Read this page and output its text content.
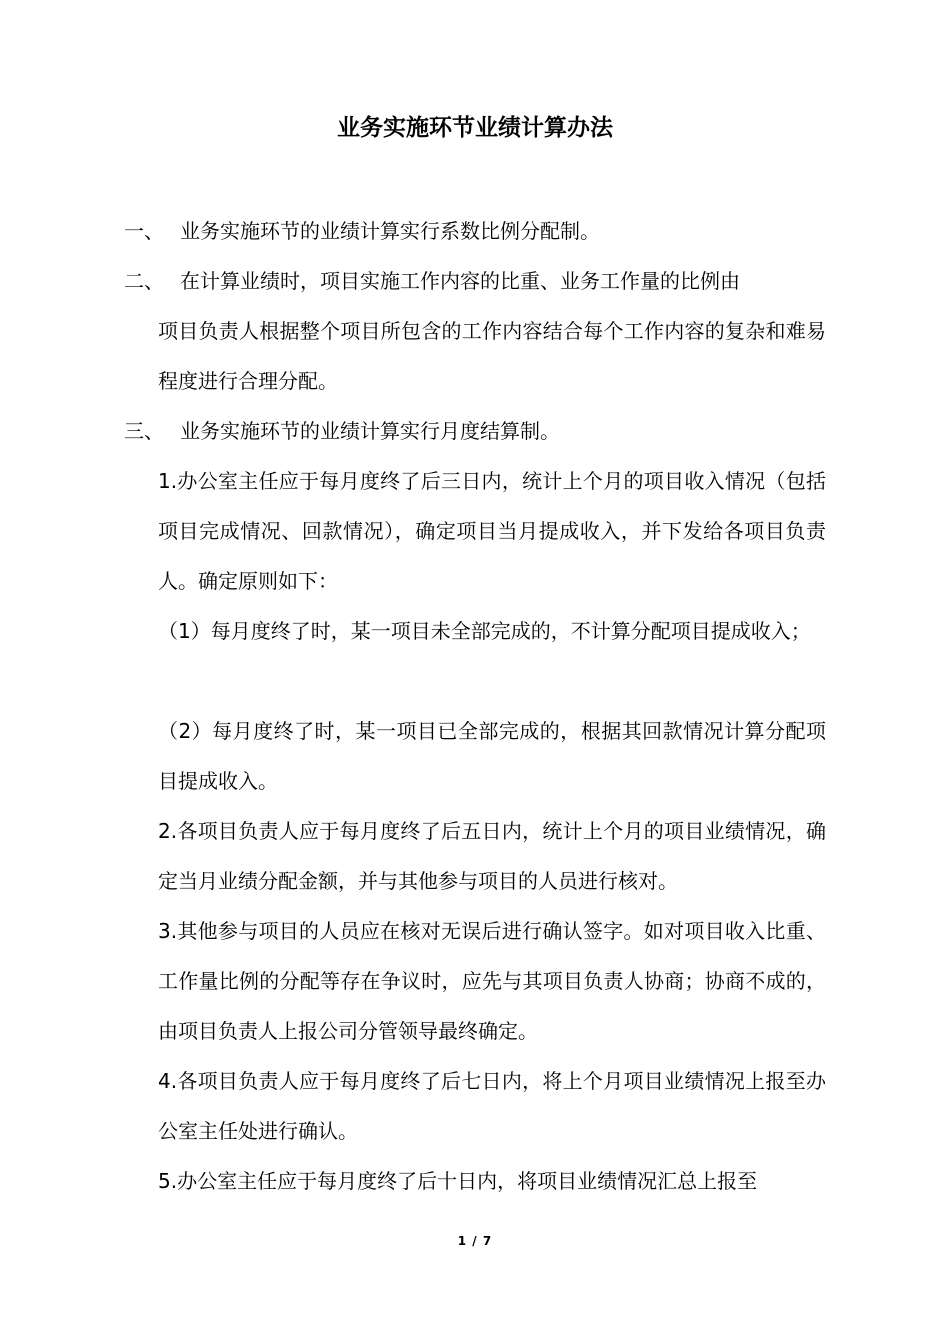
业务实施环节业绩计算办法
一、 业务实施环节的业绩计算实行系数比例分配制。
二、 在计算业绩时，项目实施工作内容的比重、业务工作量的比例由
项目负责人根据整个项目所包含的工作内容结合每个工作内容的复杂和难易程度进行合理分配。
三、 业务实施环节的业绩计算实行月度结算制。
1.办公室主任应于每月度终了后三日内，统计上个月的项目收入情况（包括项目完成情况、回款情况），确定项目当月提成收入，并下发给各项目负责人。确定原则如下：
（1）每月度终了时，某一项目未全部完成的，不计算分配项目提成收入；
（2）每月度终了时，某一项目已全部完成的，根据其回款情况计算分配项目提成收入。
2.各项目负责人应于每月度终了后五日内，统计上个月的项目业绩情况，确定当月业绩分配金额，并与其他参与项目的人员进行核对。
3.其他参与项目的人员应在核对无误后进行确认签字。如对项目收入比重、工作量比例的分配等存在争议时，应先与其项目负责人协商；协商不成的，由项目负责人上报公司分管领导最终确定。
4.各项目负责人应于每月度终了后七日内，将上个月项目业绩情况上报至办公室主任处进行确认。
5.办公室主任应于每月度终了后十日内，将项目业绩情况汇总上报至
1 / 7
